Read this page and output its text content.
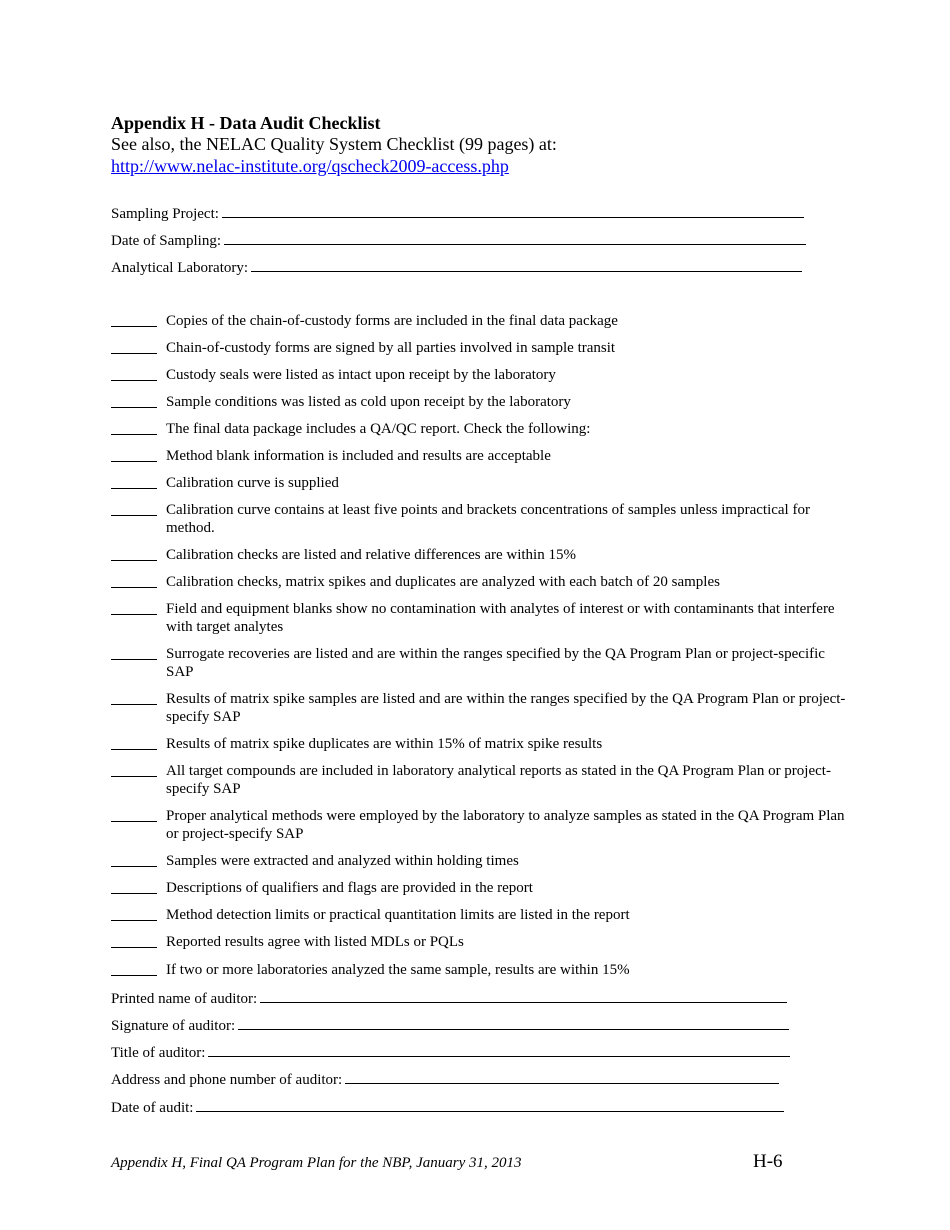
Appendix H - Data Audit Checklist
See also, the NELAC Quality System Checklist (99 pages) at:
http://www.nelac-institute.org/qscheck2009-access.php
Sampling Project:
Date of Sampling:
Analytical Laboratory:
Copies of the chain-of-custody forms are included in the final data package
Chain-of-custody forms are signed by all parties involved in sample transit
Custody seals were listed as intact upon receipt by the laboratory
Sample conditions was listed as cold upon receipt by the laboratory
The final data package includes a QA/QC report. Check the following:
Method blank information is included and results are acceptable
Calibration curve is supplied
Calibration curve contains at least five points and brackets concentrations of samples unless impractical for method.
Calibration checks are listed and relative differences are within 15%
Calibration checks, matrix spikes and duplicates are analyzed with each batch of 20 samples
Field and equipment blanks show no contamination with analytes of interest or with contaminants that interfere with target analytes
Surrogate recoveries are listed and are within the ranges specified by the QA Program Plan or project-specific SAP
Results of matrix spike samples are listed and are within the ranges specified by the QA Program Plan or project-specify SAP
Results of matrix spike duplicates are within 15% of matrix spike results
All target compounds are included in laboratory analytical reports as stated in the QA Program Plan or project-specify SAP
Proper analytical methods were employed by the laboratory to analyze samples as stated in the QA Program Plan or project-specify SAP
Samples were extracted and analyzed within holding times
Descriptions of qualifiers and flags are provided in the report
Method detection limits or practical quantitation limits are listed in the report
Reported results agree with listed MDLs or PQLs
If two or more laboratories analyzed the same sample, results are within 15%
Printed name of auditor:
Signature of auditor:
Title of auditor:
Address and phone number of auditor:
Date of audit:
Appendix H, Final QA Program Plan for the NBP, January 31, 2013	H-6
